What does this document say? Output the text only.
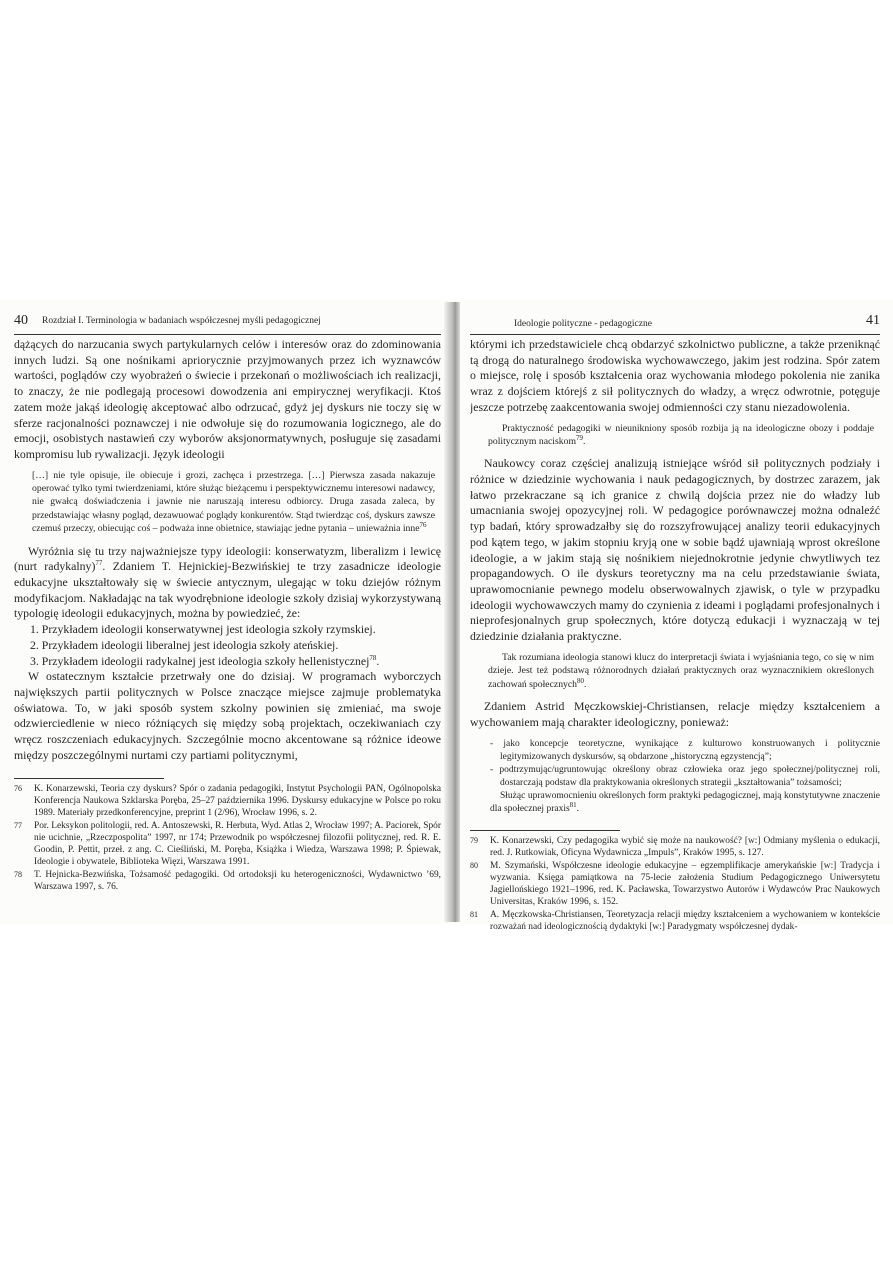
40 Rozdział I. Terminologia w badaniach współczesnej myśli pedagogicznej

dążących do narzucania swych partykularnych celów i interesów oraz do zdominowania innych ludzi. Są one nośnikami apriorycznie przyjmowanych przez ich wyznawców wartości, poglądów czy wyobrażeń o świecie i przekonań o możliwościach ich realizacji, to znaczy, że nie podlegają procesowi dowodzenia ani empirycznej weryfikacji. Ktoś zatem może jakąś ideologię akceptować albo odrzucać, gdyż jej dyskurs nie toczy się w sferze racjonalności poznawczej i nie odwołuje się do rozumowania logicznego, ale do emocji, osobistych nastawień czy wyborów aksjonormatywnych, posługuje się zasadami kompromisu lub rywalizacji. Język ideologii

[…] nie tyle opisuje, ile obiecuje i grozi, zachęca i przestrzega. […] Pierwsza zasada nakazuje operować tylko tymi twierdzeniami, które służąc bieżącemu i perspektywicznemu interesowi nadawcy, nie gwałcą doświadczenia i jawnie nie naruszają interesu odbiorcy. Druga zasada zaleca, by przedstawiając własny pogląd, dezawuować poglądy konkurentów. Stąd twierdząc coś, dyskurs zawsze czemuś przeczy, obiecując coś – podważa inne obietnice, stawiając jedne pytania – unieważnia inne$^{76}$

Wyróżnia się tu trzy najważniejsze typy ideologii: konserwatyzm, liberalizm i lewicę (nurt radykalny)$^{77}$. Zdaniem T. Hejnickiej-Bezwińskiej te trzy zasadnicze ideologie edukacyjne ukształtowały się w świecie antycznym, ulegając w toku dziejów różnym modyfikacjom. Nakładając na tak wyodrębnione ideologie szkoły dzisiaj wykorzystywaną typologię ideologii edukacyjnych, można by powiedzieć, że:

1. Przykładem ideologii konserwatywnej jest ideologia szkoły rzymskiej.
2. Przykładem ideologii liberalnej jest ideologia szkoły ateńskiej.
3. Przykładem ideologii radykalnej jest ideologia szkoły hellenistycznej$^{78}$.

W ostatecznym kształcie przetrwały one do dzisiaj. W programach wyborczych największych partii politycznych w Polsce znaczące miejsce zajmuje problematyka oświatowa. To, w jaki sposób system szkolny powinien się zmieniać, ma swoje odzwierciedlenie w nieco różniących się między sobą projektach, oczekiwaniach czy wręcz roszczeniach edukacyjnych. Szczególnie mocno akcentowane są różnice ideowe między poszczególnymi nurtami czy partiami politycznymi,

76 K. Konarzewski, Teoria czy dyskurs? Spór o zadania pedagogiki, Instytut Psychologii PAN, Ogólnopolska Konferencja Naukowa Szklarska Poręba, 25–27 października 1996. Dyskursy edukacyjne w Polsce po roku 1989. Materiały przedkonferencyjne, preprint 1 (2/96), Wrocław 1996, s. 2.
77 Por. Leksykon politologii, red. A. Antoszewski, R. Herbuta, Wyd. Atlas 2, Wrocław 1997; A. Paciorek, Spór nie ucichnie, „Rzeczpospolita” 1997, nr 174; Przewodnik po współczesnej filozofii politycznej, red. R. E. Goodin, P. Pettit, przeł. z ang. C. Cieśliński, M. Poręba, Książka i Wiedza, Warszawa 1998; P. Śpiewak, Ideologie i obywatele, Biblioteka Więzi, Warszawa 1991.
78 T. Hejnicka-Bezwińska, Tożsamość pedagogiki. Od ortodoksji ku heterogeniczności, Wydawnictwo ’69, Warszawa 1997, s. 76.
Ideologie polityczne - pedagogiczne	41

którymi ich przedstawiciele chcą obdarzyć szkolnictwo publiczne, a także przeniknąć tą drogą do naturalnego środowiska wychowawczego, jakim jest rodzina. Spór zatem o miejsce, rolę i sposób kształcenia oraz wychowania młodego pokolenia nie zanika wraz z dojściem którejś z sił politycznych do władzy, a wręcz odwrotnie, potęguje jeszcze potrzebę zaakcentowania swojej odmienności czy stanu niezadowolenia.

Praktyczność pedagogiki w nieunikniony sposób rozbija ją na ideologiczne obozy i poddaje politycznym naciskom$^{79}$.

Naukowcy coraz częściej analizują istniejące wśród sił politycznych podziały i różnice w dziedzinie wychowania i nauk pedagogicznych, by dostrzec zarazem, jak łatwo przekraczane są ich granice z chwilą dojścia przez nie do władzy lub umacniania swojej opozycyjnej roli. W pedagogice porównawczej można odnaleźć typ badań, który sprowadzałby się do rozszyfrowującej analizy teorii edukacyjnych pod kątem tego, w jakim stopniu kryją one w sobie bądź ujawniają wprost określone ideologie, a w jakim stają się nośnikiem niejednokrotnie jedynie chwytliwych tez propagandowych. O ile dyskurs teoretyczny ma na celu przedstawianie świata, uprawomocnianie pewnego modelu obserwowalnych zjawisk, o tyle w przypadku ideologii wychowawczych mamy do czynienia z ideami i poglądami profesjonalnych i nieprofesjonalnych grup społecznych, które dotyczą edukacji i wyznaczają w tej dziedzinie działania praktyczne.

Tak rozumiana ideologia stanowi klucz do interpretacji świata i wyjaśniania tego, co się w nim dzieje. Jest też podstawą różnorodnych działań praktycznych oraz wyznacznikiem określonych zachowań społecznych$^{80}$.

Zdaniem Astrid Męczkowskiej-Christiansen, relacje między kształceniem a wychowaniem mają charakter ideologiczny, ponieważ:

- jako koncepcje teoretyczne, wynikające z kulturowo konstruowanych i politycznie legitymizowanych dyskursów, są obdarzone „historyczną egzystencją”;
- podtrzymując/ugruntowując określony obraz człowieka oraz jego społecznej/politycznej roli, dostarczają podstaw dla praktykowania określonych strategii „kształtowania” tożsamości;
Służąc uprawomocnieniu określonych form praktyki pedagogicznej, mają konstytutywne znaczenie dla społecznej praxis$^{81}$.
79 K. Konarzewski, Czy pedagogika wybić się może na naukowość? [w:] Odmiany myślenia o edukacji, red. J. Rutkowiak, Oficyna Wydawnicza „Impuls”, Kraków 1995, s. 127.
80 M. Szymański, Współczesne ideologie edukacyjne – egzemplifikacje amerykańskie [w:] Tradycja i wyzwania. Księga pamiątkowa na 75-lecie założenia Studium Pedagogicznego Uniwersytetu Jagiellońskiego 1921–1996, red. K. Pacławska, Towarzystwo Autorów i Wydawców Prac Naukowych Universitas, Kraków 1996, s. 152.
81 A. Męczkowska-Christiansen, Teoretyzacja relacji między kształceniem a wychowaniem w kontekście rozważań nad ideologicznością dydaktyki [w:] Paradygmaty współczesnej dydak-
